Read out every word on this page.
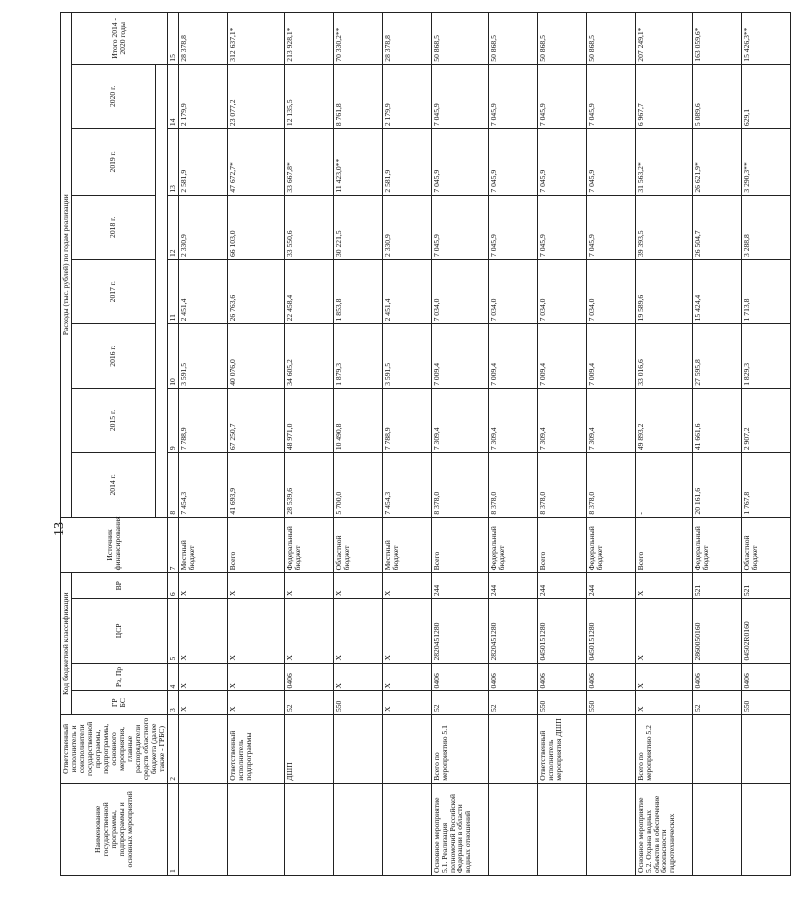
13
Наименование государственной программы, подпрограммы и основных мероприятий	Ответственный исполнитель и соисполнители государственной программы, подпрограммы, основного мероприятия, главные распорядители средств областного бюджета (далее также - ГРБС)	Код бюджетной классификации				Источник финансирования	Расходы (тыс. рублей) по годам реализации							
		ГР БС	Рз, Пр	ЦСР	ВР		2014 г.	2015 г.	2016 г.	2017 г.	2018 г.	2019 г.	2020 г.	Итого 2014 - 2020 годы

1	2	3	4	5	6	7	8	9	10	11	12	13	14	15
		X	X	X	X	Местный бюджет	7 454,3	7 788,9	3 591,5	2 451,4	2 330,9	2 581,9	2 179,9	28 378,8
	Ответственный исполнитель подпрограммы	X	X	X	X	Всего	41 693,9	67 250,7	40 076,0	26 763,6	66 103,0	47 672,7*	23 077,2	312 637,1*
	ДШП	52	0406	X	X	Федеральный бюджет	28 539,6	48 971,0	34 605,2	22 458,4	33 550,6	33 667,8*	12 135,5	213 928,1*
		550	X	X	X	Областной бюджет	5 700,0	10 490,8	1 879,3	1 853,8	30 221,5	11 423,0**	8 761,8	70 330,2**
		X	X	X	X	Местный бюджет	7 454,3	7 788,9	3 591,5	2 451,4	2 330,9	2 581,9	2 179,9	28 378,8
Основное мероприятие 5.1. Реализация полномочий Российской Федерации в области водных отношений	Всего по мероприятию 5.1	52	0406	2820451280	244	Всего	8 378,0	7 309,4	7 009,4	7 034,0	7 045,9	7 045,9	7 045,9	50 868,5
		52	0406	2820451280	244	Федеральный бюджет	8 378,0	7 309,4	7 009,4	7 034,0	7 045,9	7 045,9	7 045,9	50 868,5
	Ответственный исполнитель мероприятия ДШП	550	0406	0450151280	244	Всего	8 378,0	7 309,4	7 009,4	7 034,0	7 045,9	7 045,9	7 045,9	50 868,5
		550	0406	0450151280	244	Федеральный бюджет	8 378,0	7 309,4	7 009,4	7 034,0	7 045,9	7 045,9	7 045,9	50 868,5
Основное мероприятие 5.2. Охрана водных объектов и обеспечение безопасности гидротехнических	Всего по мероприятию 5.2	X	X	X	X	Всего	-	49 893,2	33 016,6	19 589,6	39 393,5	31 563,2*	6 967,7	207 249,1*
		52	0406	2860050160	521	Федеральный бюджет	20 161,6	41 661,6	27 595,8	15 424,4	26 504,7	26 621,9*	5 089,6	163 059,6*
		550	0406	04502R0160	521	Областной бюджет	1 767,8	2 907,2	1 829,3	1 713,8	3 288,8	3 290,3**	629,1	15 426,3**
